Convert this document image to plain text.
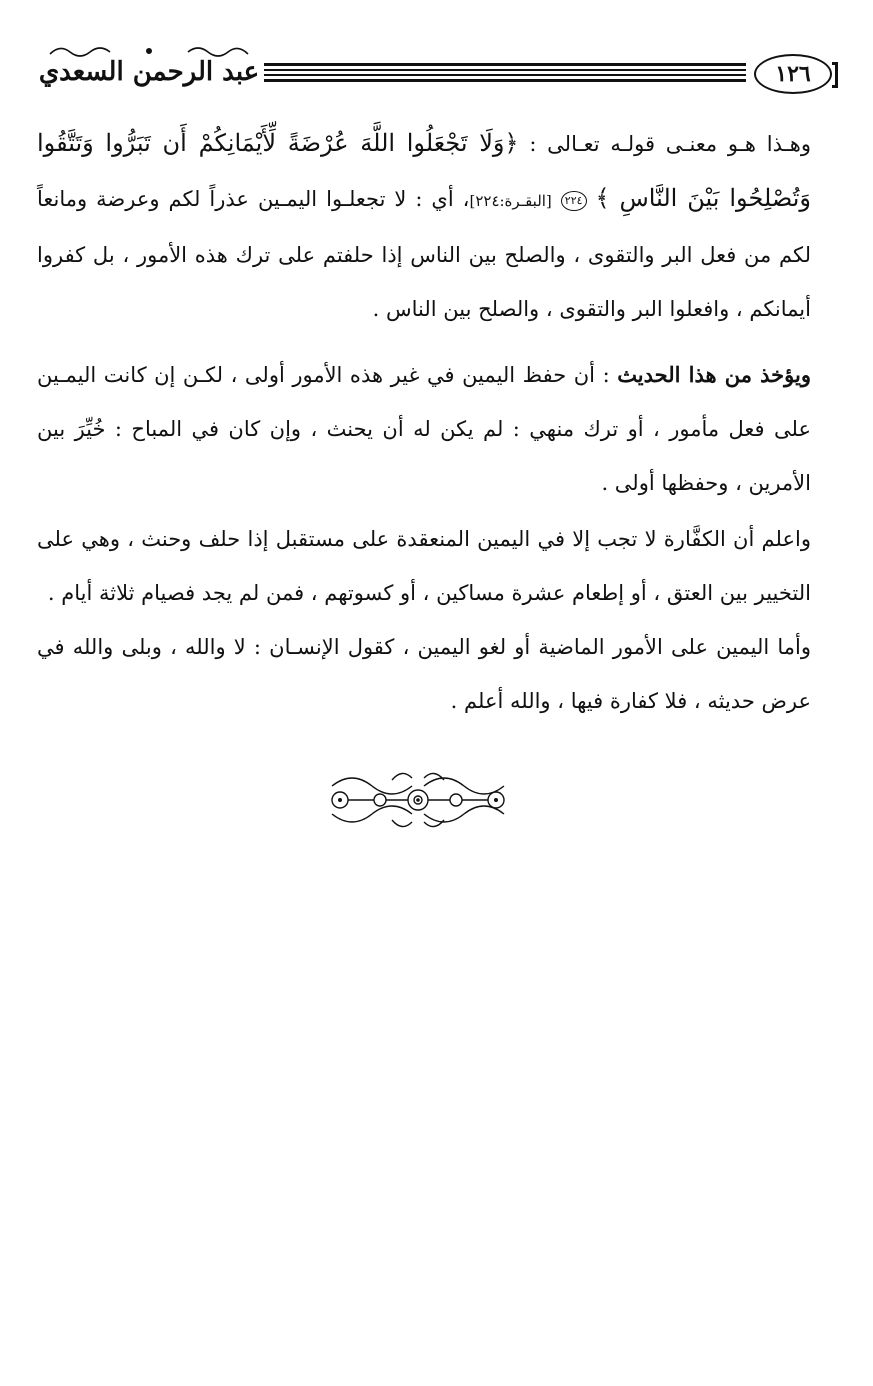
١٢٦
عبد الرحمن السعدي
وهـذا هـو معنـى قولـه تعـالى : ﴿وَلَا تَجْعَلُوا اللَّهَ عُرْضَةً لِّأَيْمَانِكُمْ أَن تَبَرُّوا وَتَتَّقُوا وَتُصْلِحُوا بَيْنَ النَّاسِ ﴾ ٢٢٤ [البقـرة:٢٢٤]، أي : لا تجعلـوا اليمـين عذراً لكم وعرضة ومانعاً لكم من فعل البر والتقوى ، والصلح بين الناس إذا حلفتم على ترك هذه الأمور ، بل كفروا أيمانكم ، وافعلوا البر والتقوى ، والصلح بين الناس .
ويؤخذ من هذا الحديث : أن حفظ اليمين في غير هذه الأمور أولى ، لكـن إن كانت اليمـين على فعل مأمور ، أو ترك منهي : لم يكن له أن يحنث ، وإن كان في المباح : خُيِّرَ بين الأمرين ، وحفظها أولى .
واعلم أن الكفَّارة لا تجب إلا في اليمين المنعقدة على مستقبل إذا حلف وحنث ، وهي على التخيير بين العتق ، أو إطعام عشرة مساكين ، أو كسوتهم ، فمن لم يجد فصيام ثلاثة أيام .
وأما اليمين على الأمور الماضية أو لغو اليمين ، كقول الإنسـان : لا والله ، وبلى والله في عرض حديثه ، فلا كفارة فيها ، والله أعلم .
